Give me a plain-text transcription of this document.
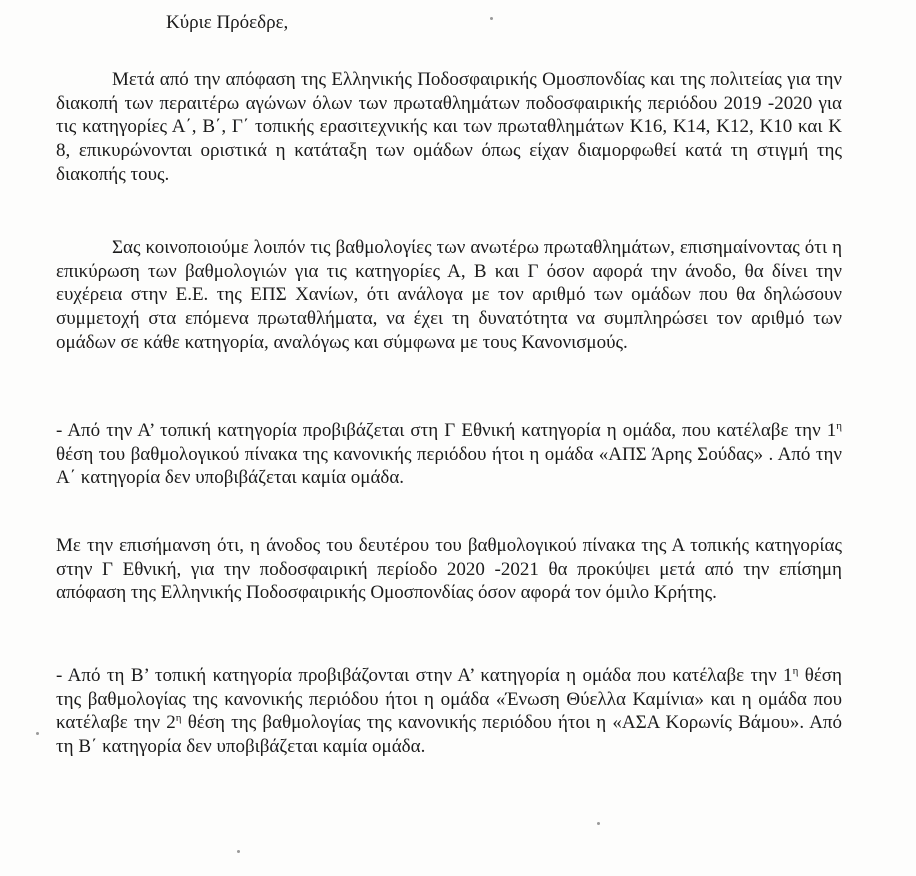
Κύριε Πρόεδρε,
Μετά από την απόφαση της Ελληνικής Ποδοσφαιρικής Ομοσπονδίας και της πολιτείας για την διακοπή των περαιτέρω αγώνων όλων των πρωταθλημάτων ποδοσφαιρικής περιόδου 2019 -2020 για τις κατηγορίες Α΄, Β΄, Γ΄ τοπικής ερασιτεχνικής και των πρωταθλημάτων Κ16, Κ14, Κ12, Κ10 και Κ 8, επικυρώνονται οριστικά η κατάταξη των ομάδων όπως είχαν διαμορφωθεί κατά τη στιγμή της διακοπής τους.
Σας κοινοποιούμε λοιπόν τις βαθμολογίες των ανωτέρω πρωταθλημάτων, επισημαίνοντας ότι η επικύρωση των βαθμολογιών για τις κατηγορίες Α, Β και Γ όσον αφορά την άνοδο, θα δίνει την ευχέρεια στην Ε.Ε. της ΕΠΣ Χανίων, ότι ανάλογα με τον αριθμό των ομάδων που θα δηλώσουν συμμετοχή στα επόμενα πρωταθλήματα, να έχει τη δυνατότητα να συμπληρώσει τον αριθμό των ομάδων σε κάθε κατηγορία, αναλόγως και σύμφωνα με τους Κανονισμούς.
- Από την Α’ τοπική κατηγορία προβιβάζεται στη Γ Εθνική κατηγορία η ομάδα, που κατέλαβε την $1^\eta$ θέση του βαθμολογικού πίνακα της κανονικής περιόδου ήτοι η ομάδα «ΑΠΣ Άρης Σούδας» . Από την Α΄ κατηγορία δεν υποβιβάζεται καμία ομάδα.
Με την επισήμανση ότι, η άνοδος του δευτέρου του βαθμολογικού πίνακα της Α τοπικής κατηγορίας στην Γ Εθνική, για την ποδοσφαιρική περίοδο 2020 -2021 θα προκύψει μετά από την επίσημη απόφαση της Ελληνικής Ποδοσφαιρικής Ομοσπονδίας όσον αφορά τον όμιλο Κρήτης.
- Από τη Β’ τοπική κατηγορία προβιβάζονται στην Α’ κατηγορία η ομάδα που κατέλαβε την $1^\eta$ θέση της βαθμολογίας της κανονικής περιόδου ήτοι η ομάδα «Ένωση Θύελλα Καμίνια» και η ομάδα που κατέλαβε την $2^\eta$ θέση της βαθμολογίας της κανονικής περιόδου ήτοι η «ΑΣΑ Κορωνίς Βάμου». Από τη Β΄ κατηγορία δεν υποβιβάζεται καμία ομάδα.
